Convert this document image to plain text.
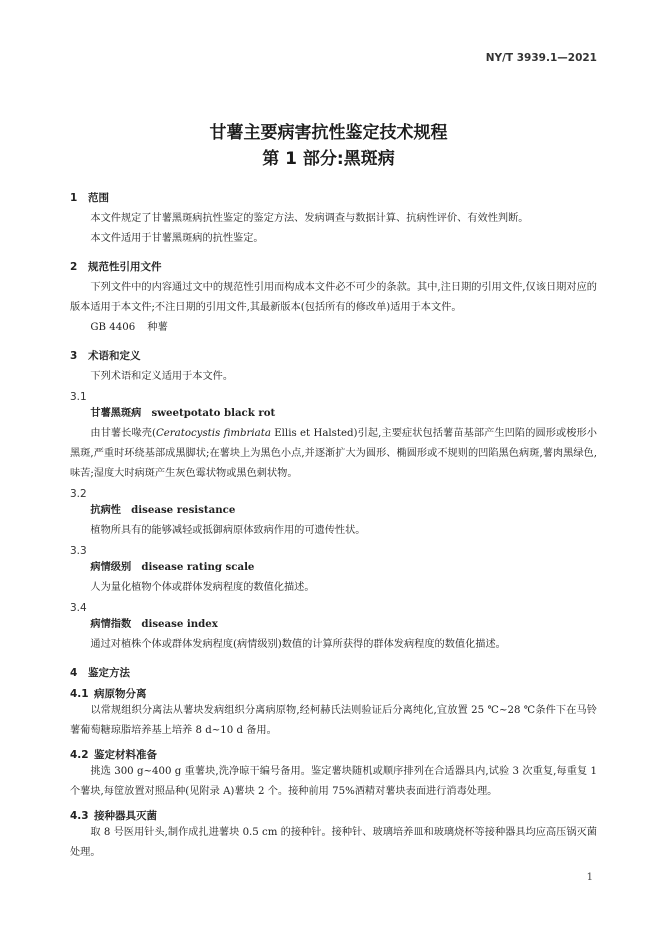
NY/T 3939.1—2021
甘薯主要病害抗性鉴定技术规程
第 1 部分:黑斑病
1 范围

本文件规定了甘薯黑斑病抗性鉴定的鉴定方法、发病调查与数据计算、抗病性评价、有效性判断。

本文件适用于甘薯黑斑病的抗性鉴定。

2 规范性引用文件

下列文件中的内容通过文中的规范性引用而构成本文件必不可少的条款。其中,注日期的引用文件,仅该日期对应的版本适用于本文件;不注日期的引用文件,其最新版本(包括所有的修改单)适用于本文件。

GB 4406 种薯
3 术语和定义

下列术语和定义适用于本文件。

3.1
甘薯黑斑病 sweetpotato black rot

由甘薯长喙壳(Ceratocystis fimbriata Ellis et Halsted)引起,主要症状包括薯苗基部产生凹陷的圆形或梭形小黑斑,严重时环绕基部成黑脚状;在薯块上为黑色小点,并逐渐扩大为圆形、椭圆形或不规则的凹陷黑色病斑,薯肉黑绿色,味苦;湿度大时病斑产生灰色霉状物或黑色刺状物。

3.2
抗病性 disease resistance

植物所具有的能够减轻或抵御病原体致病作用的可遗传性状。

3.3
病情级别 disease rating scale

人为量化植物个体或群体发病程度的数值化描述。

3.4
病情指数 disease index

通过对植株个体或群体发病程度(病情级别)数值的计算所获得的群体发病程度的数值化描述。

4 鉴定方法
4.1 病原物分离

以常规组织分离法从薯块发病组织分离病原物,经柯赫氏法则验证后分离纯化,宜放置 25 ℃~28 ℃条件下在马铃薯葡萄糖琼脂培养基上培养 8 d~10 d 备用。

4.2 鉴定材料准备

挑选 300 g~400 g 重薯块,洗净晾干编号备用。鉴定薯块随机或顺序排列在合适器具内,试验 3 次重复,每重复 1 个薯块,每筐放置对照品种(见附录 A)薯块 2 个。接种前用 75%酒精对薯块表面进行消毒处理。

4.3 接种器具灭菌

取 8 号医用针头,制作成扎进薯块 0.5 cm 的接种针。接种针、玻璃培养皿和玻璃烧杯等接种器具均应高压锅灭菌处理。

1
